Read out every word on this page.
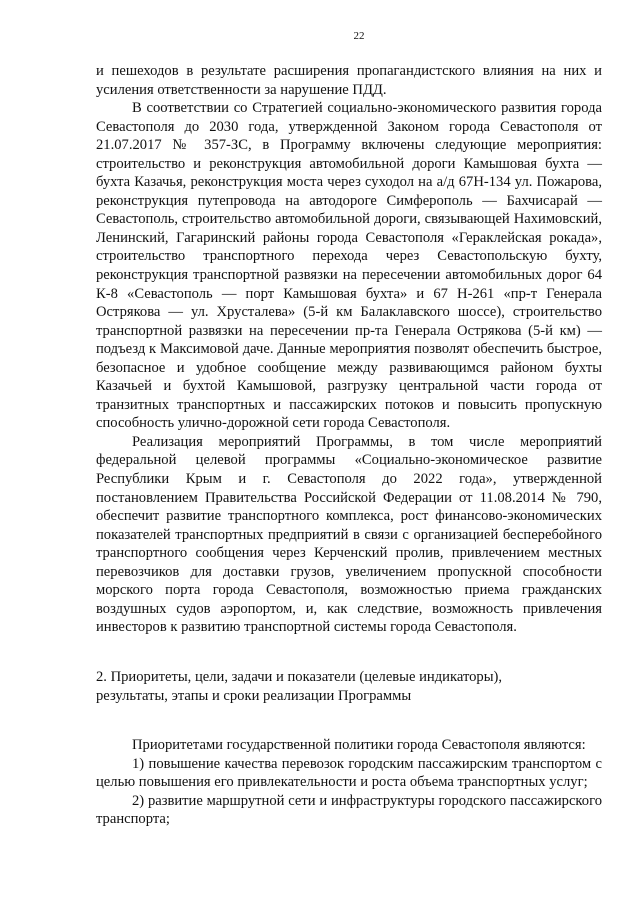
22

и пешеходов в результате расширения пропагандистского влияния на них и усиления ответственности за нарушение ПДД.

В соответствии со Стратегией социально-экономического развития города Севастополя до 2030 года, утвержденной Законом города Севастополя от 21.07.2017 № 357-ЗС, в Программу включены следующие мероприятия: строительство и реконструкция автомобильной дороги Камышовая бухта — бухта Казачья, реконструкция моста через суходол на а/д 67Н-134 ул. Пожарова, реконструкция путепровода на автодороге Симферополь — Бахчисарай — Севастополь, строительство автомобильной дороги, связывающей Нахимовский, Ленинский, Гагаринский районы города Севастополя «Гераклейская рокада», строительство транспортного перехода через Севастопольскую бухту, реконструкция транспортной развязки на пересечении автомобильных дорог 64 К-8 «Севастополь — порт Камышовая бухта» и 67 Н-261 «пр-т Генерала Острякова — ул. Хрусталева» (5-й км Балаклавского шоссе), строительство транспортной развязки на пересечении пр-та Генерала Острякова (5-й км) — подъезд к Максимовой даче. Данные мероприятия позволят обеспечить быстрое, безопасное и удобное сообщение между развивающимся районом бухты Казачьей и бухтой Камышовой, разгрузку центральной части города от транзитных транспортных и пассажирских потоков и повысить пропускную способность улично-дорожной сети города Севастополя.

Реализация мероприятий Программы, в том числе мероприятий федеральной целевой программы «Социально-экономическое развитие Республики Крым и г. Севастополя до 2022 года», утвержденной постановлением Правительства Российской Федерации от 11.08.2014 № 790, обеспечит развитие транспортного комплекса, рост финансово-экономических показателей транспортных предприятий в связи с организацией бесперебойного транспортного сообщения через Керченский пролив, привлечением местных перевозчиков для доставки грузов, увеличением пропускной способности морского порта города Севастополя, возможностью приема гражданских воздушных судов аэропортом, и, как следствие, возможность привлечения инвесторов к развитию транспортной системы города Севастополя.

2. Приоритеты, цели, задачи и показатели (целевые индикаторы),
результаты, этапы и сроки реализации Программы

Приоритетами государственной политики города Севастополя являются:

1) повышение качества перевозок городским пассажирским транспортом с целью повышения его привлекательности и роста объема транспортных услуг;

2) развитие маршрутной сети и инфраструктуры городского пассажирского транспорта;
